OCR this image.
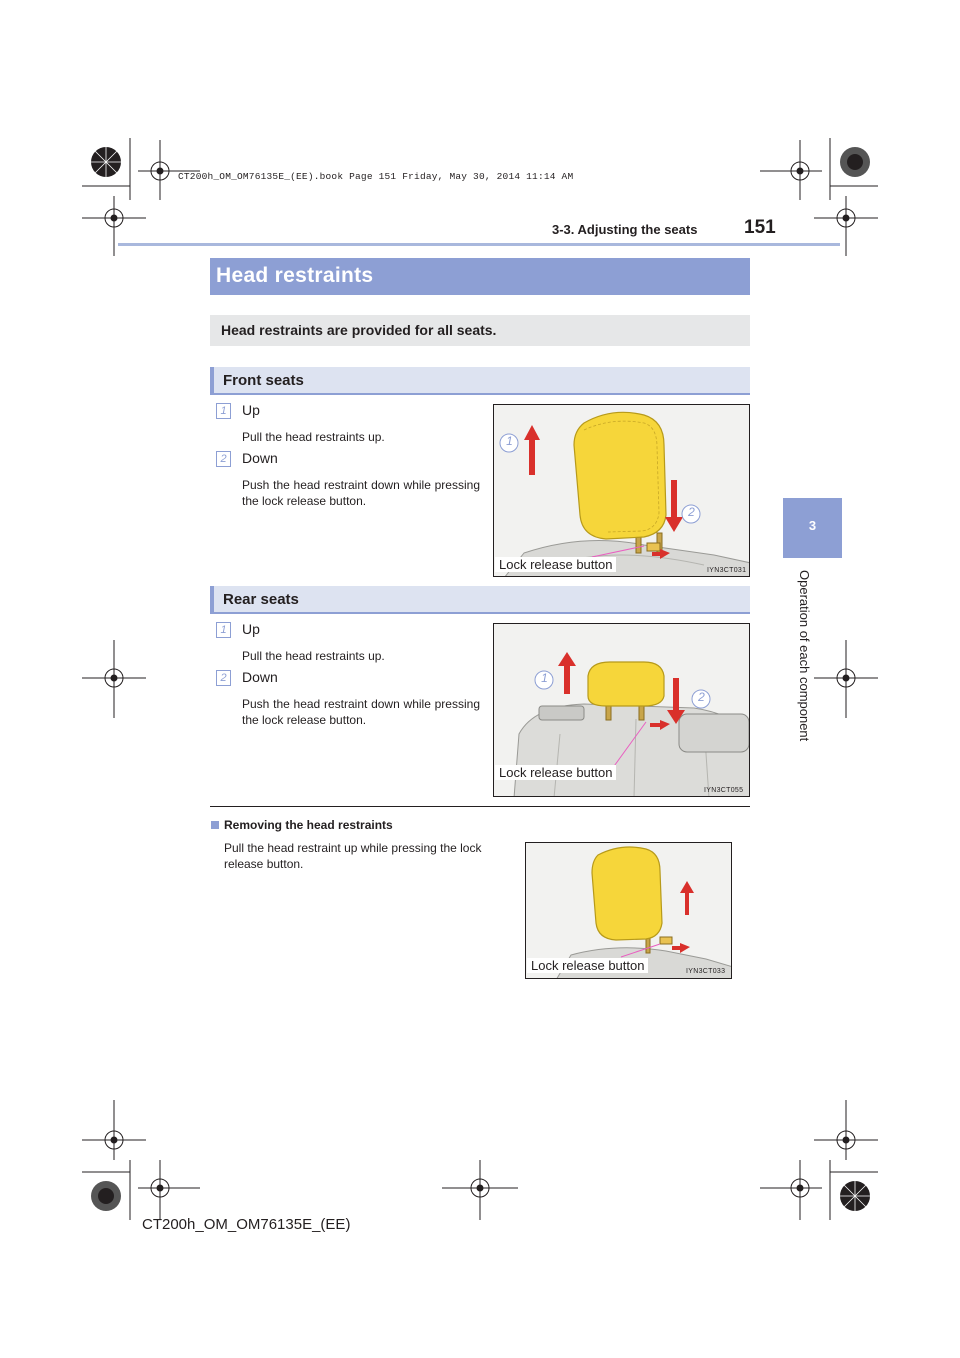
CT200h_OM_OM76135E_(EE).book Page 151 Friday, May 30, 2014 11:14 AM
3-3. Adjusting the seats 151
3
Operation of each component
Head restraints
Head restraints are provided for all seats.
Front seats
1	Up
Pull the head restraints up.
2	Down
Push the head restraint down while pressing the lock release button.
1
2
Lock release button	IYN3CT031
Rear seats
1	Up
Pull the head restraints up.
2	Down
Push the head restraint down while pressing the lock release button.
1
2
Lock release button
IYN3CT055
Removing the head restraints
Pull the head restraint up while pressing the lock release button.
Lock release button	IYN3CT033
CT200h_OM_OM76135E_(EE)
